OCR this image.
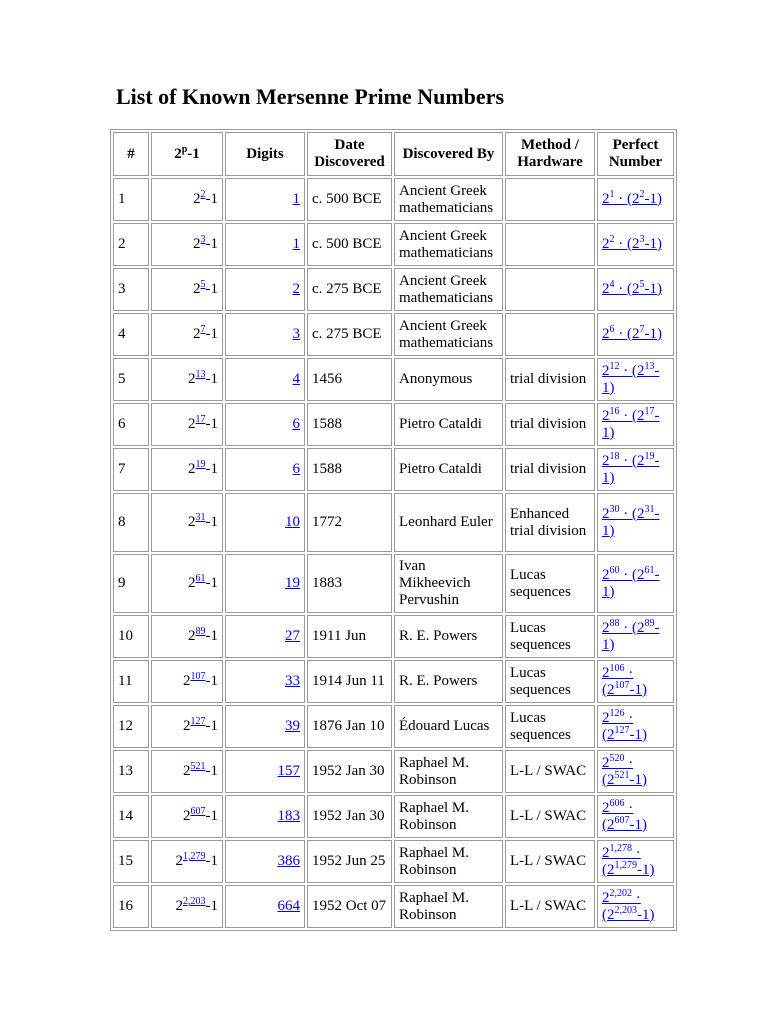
List of Known Mersenne Prime Numbers
#	2$^p$-1	Digits	Date Discovered	Discovered By	Method / Hardware	Perfect Number
1	2$^2$-1	1	c. 500 BCE	Ancient Greek mathematicians		2$^1$ · (2$^2$-1)
2	2$^3$-1	1	c. 500 BCE	Ancient Greek mathematicians		2$^2$ · (2$^3$-1)
3	2$^5$-1	2	c. 275 BCE	Ancient Greek mathematicians		2$^4$ · (2$^5$-1)
4	2$^7$-1	3	c. 275 BCE	Ancient Greek mathematicians		2$^6$ · (2$^7$-1)
5	2$^{13}$-1	4	1456	Anonymous	trial division	2$^{12}$ · (2$^{13}$-1)
6	2$^{17}$-1	6	1588	Pietro Cataldi	trial division	2$^{16}$ · (2$^{17}$-1)
7	2$^{19}$-1	6	1588	Pietro Cataldi	trial division	2$^{18}$ · (2$^{19}$-1)
8	2$^{31}$-1	10	1772	Leonhard Euler	Enhanced trial division	2$^{30}$ · (2$^{31}$-1)
9	2$^{61}$-1	19	1883	Ivan Mikheevich Pervushin	Lucas sequences	2$^{60}$ · (2$^{61}$-1)
10	2$^{89}$-1	27	1911 Jun	R. E. Powers	Lucas sequences	2$^{88}$ · (2$^{89}$-1)
11	2$^{107}$-1	33	1914 Jun 11	R. E. Powers	Lucas sequences	2$^{106}$ · (2$^{107}$-1)
12	2$^{127}$-1	39	1876 Jan 10	Édouard Lucas	Lucas sequences	2$^{126}$ · (2$^{127}$-1)
13	2$^{521}$-1	157	1952 Jan 30	Raphael M. Robinson	L-L / SWAC	2$^{520}$ · (2$^{521}$-1)
14	2$^{607}$-1	183	1952 Jan 30	Raphael M. Robinson	L-L / SWAC	2$^{606}$ · (2$^{607}$-1)
15	2$^{1,279}$-1	386	1952 Jun 25	Raphael M. Robinson	L-L / SWAC	2$^{1,278}$ · (2$^{1,279}$-1)
16	2$^{2,203}$-1	664	1952 Oct 07	Raphael M. Robinson	L-L / SWAC	2$^{2,202}$ · (2$^{2,203}$-1)
